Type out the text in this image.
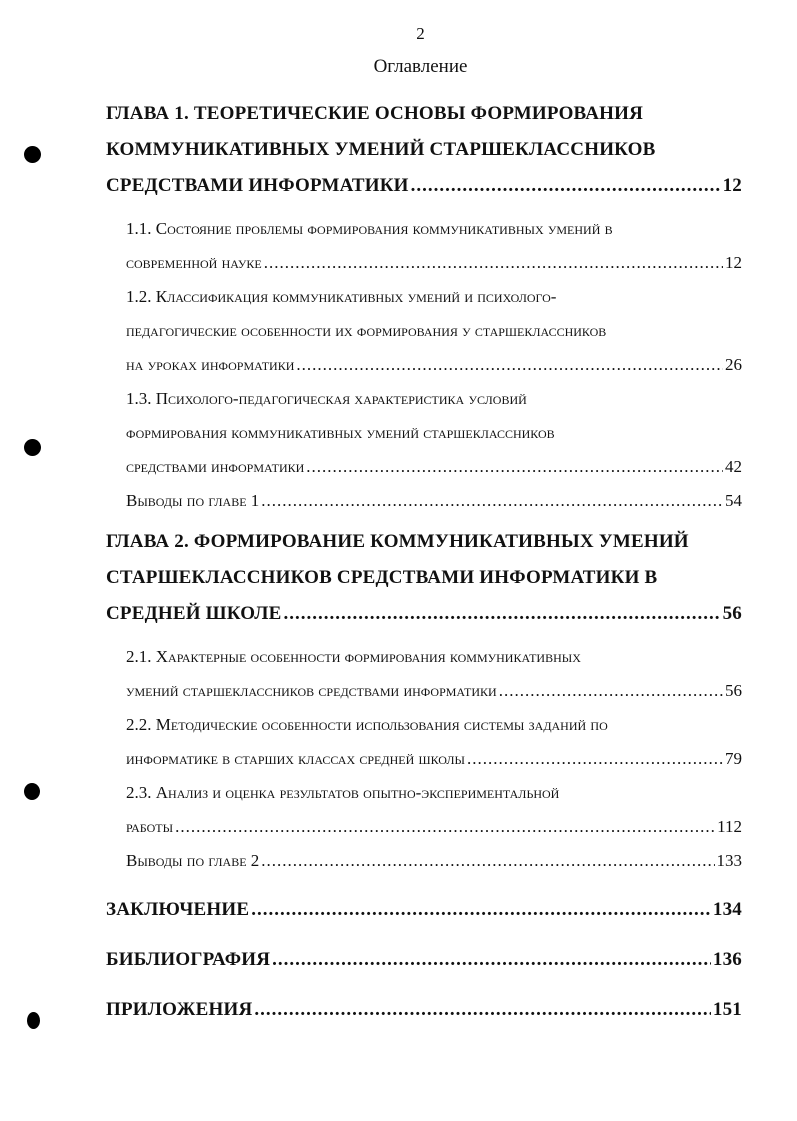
2
Оглавление
ГЛАВА 1. ТЕОРЕТИЧЕСКИЕ ОСНОВЫ ФОРМИРОВАНИЯ
КОММУНИКАТИВНЫХ УМЕНИЙ СТАРШЕКЛАССНИКОВ
СРЕДСТВАМИ ИНФОРМАТИКИ .....	12
1.1. Состояние проблемы формирования коммуникативных умений в
современной науке .....	12
1.2. Классификация коммуникативных умений и психолого-
педагогические особенности их формирования у старшеклассников
на уроках информатики .....	26
1.3. Психолого-педагогическая характеристика условий
формирования коммуникативных умений старшеклассников
средствами информатики .....	42
Выводы по главе 1 .....	54
ГЛАВА 2. ФОРМИРОВАНИЕ КОММУНИКАТИВНЫХ УМЕНИЙ
СТАРШЕКЛАССНИКОВ СРЕДСТВАМИ ИНФОРМАТИКИ В
СРЕДНЕЙ ШКОЛЕ .....	56
2.1. Характерные особенности формирования коммуникативных
умений старшеклассников средствами информатики .....	56
2.2. Методические особенности использования системы заданий по
информатике в старших классах средней школы .....	79
2.3. Анализ и оценка результатов опытно-экспериментальной
работы .....	112
Выводы по главе 2 .....	133
ЗАКЛЮЧЕНИЕ .....	134
БИБЛИОГРАФИЯ .....	136
ПРИЛОЖЕНИЯ .....	151
